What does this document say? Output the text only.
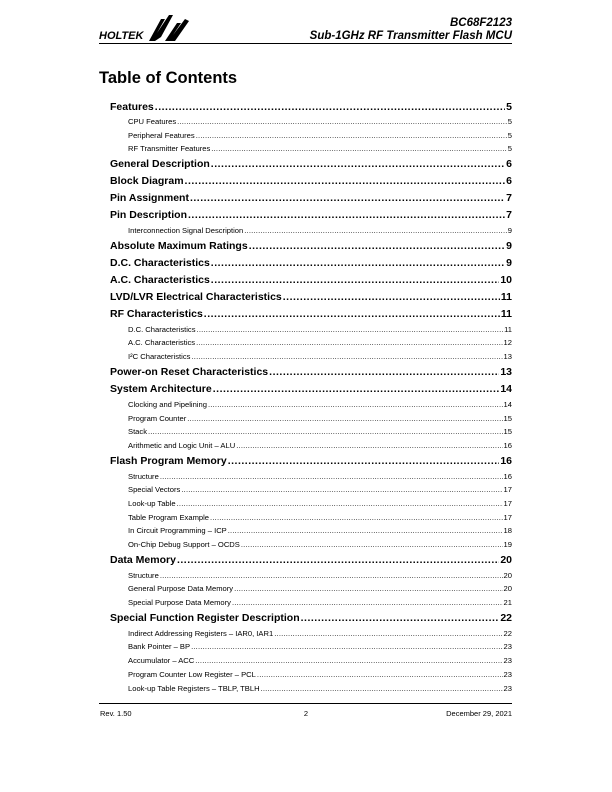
HOLTEK
BC68F2123
Sub-1GHz RF Transmitter Flash MCU
Table of Contents
Features .....	5
CPU Features .....	5
Peripheral Features .....	5
RF Transmitter Features .....	5
General Description .....	6
Block Diagram .....	6
Pin Assignment .....	7
Pin Description .....	7
Interconnection Signal Description .....	9
Absolute Maximum Ratings .....	9
D.C. Characteristics .....	9
A.C. Characteristics .....	10
LVD/LVR Electrical Characteristics .....	11
RF Characteristics .....	11
D.C. Characteristics .....	11
A.C. Characteristics .....	12
I²C Characteristics .....	13
Power-on Reset Characteristics .....	13
System Architecture .....	14
Clocking and Pipelining .....	14
Program Counter .....	15
Stack .....	15
Arithmetic and Logic Unit – ALU .....	16
Flash Program Memory .....	16
Structure .....	16
Special Vectors .....	17
Look-up Table .....	17
Table Program Example .....	17
In Circuit Programming – ICP .....	18
On-Chip Debug Support – OCDS .....	19
Data Memory .....	20
Structure .....	20
General Purpose Data Memory .....	20
Special Purpose Data Memory .....	21
Special Function Register Description .....	22
Indirect Addressing Registers – IAR0, IAR1 .....	22
Bank Pointer – BP .....	23
Accumulator – ACC .....	23
Program Counter Low Register – PCL .....	23
Look-up Table Registers – TBLP, TBLH .....	23
Rev. 1.50	2	December 29, 2021
